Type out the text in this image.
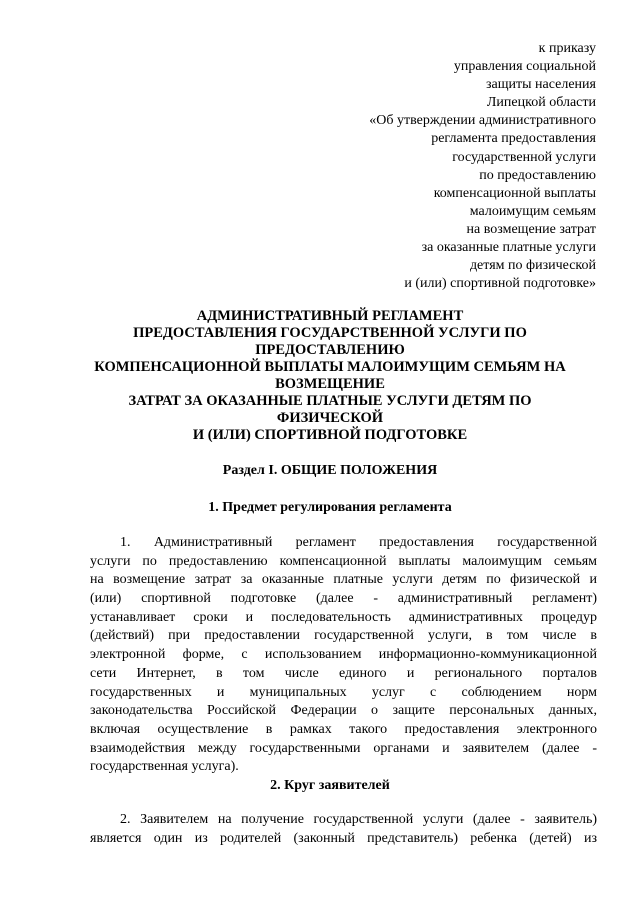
к приказу
управления социальной
защиты населения
Липецкой области
«Об утверждении административного
регламента предоставления
государственной услуги
по предоставлению
компенсационной выплаты
малоимущим семьям
на возмещение затрат
за оказанные платные услуги
детям по физической
и (или) спортивной подготовке»
АДМИНИСТРАТИВНЫЙ РЕГЛАМЕНТ
ПРЕДОСТАВЛЕНИЯ ГОСУДАРСТВЕННОЙ УСЛУГИ ПО
ПРЕДОСТАВЛЕНИЮ
КОМПЕНСАЦИОННОЙ ВЫПЛАТЫ МАЛОИМУЩИМ СЕМЬЯМ НА
ВОЗМЕЩЕНИЕ
ЗАТРАТ ЗА ОКАЗАННЫЕ ПЛАТНЫЕ УСЛУГИ ДЕТЯМ ПО
ФИЗИЧЕСКОЙ
И (ИЛИ) СПОРТИВНОЙ ПОДГОТОВКЕ
Раздел I. ОБЩИЕ ПОЛОЖЕНИЯ
1. Предмет регулирования регламента
1. Административный регламент предоставления государственной
услуги по предоставлению компенсационной выплаты малоимущим семьям
на возмещение затрат за оказанные платные услуги детям по физической и
(или) спортивной подготовке (далее - административный регламент)
устанавливает сроки и последовательность административных процедур
(действий) при предоставлении государственной услуги, в том числе в
электронной форме, с использованием информационно-коммуникационной
сети Интернет, в том числе единого и регионального порталов
государственных и муниципальных услуг с соблюдением норм
законодательства Российской Федерации о защите персональных данных,
включая осуществление в рамках такого предоставления электронного
взаимодействия между государственными органами и заявителем (далее -
государственная услуга).
2. Круг заявителей
2. Заявителем на получение государственной услуги (далее - заявитель)
является один из родителей (законный представитель) ребенка (детей) из
